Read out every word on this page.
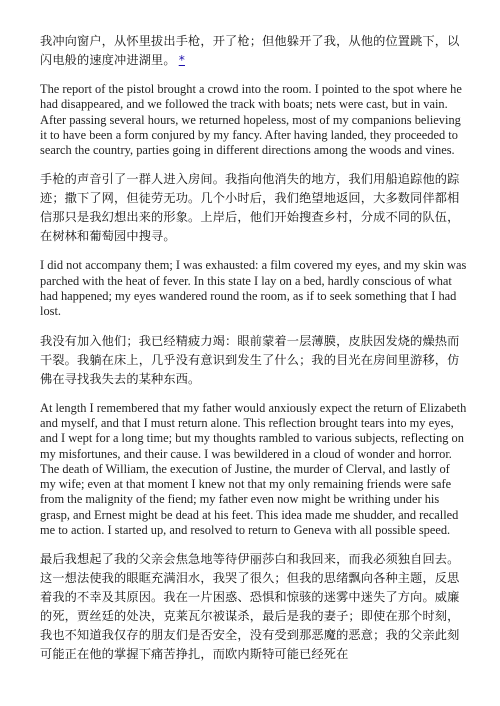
我冲向窗户，从怀里拔出手枪，开了枪；但他躲开了我，从他的位置跳下，以闪电般的速度冲进湖里。 *

The report of the pistol brought a crowd into the room. I pointed to the spot where he had disappeared, and we followed the track with boats; nets were cast, but in vain. After passing several hours, we returned hopeless, most of my companions believing it to have been a form conjured by my fancy. After having landed, they proceeded to search the country, parties going in different directions among the woods and vines.

手枪的声音引了一群人进入房间。我指向他消失的地方，我们用船追踪他的踪迹；撒下了网，但徒劳无功。几个小时后，我们绝望地返回，大多数同伴都相信那只是我幻想出来的形象。上岸后，他们开始搜查乡村，分成不同的队伍，在树林和葡萄园中搜寻。

I did not accompany them; I was exhausted: a film covered my eyes, and my skin was parched with the heat of fever. In this state I lay on a bed, hardly conscious of what had happened; my eyes wandered round the room, as if to seek something that I had lost.

我没有加入他们；我已经精疲力竭：眼前蒙着一层薄膜，皮肤因发烧的燥热而干裂。我躺在床上，几乎没有意识到发生了什么；我的目光在房间里游移，仿佛在寻找我失去的某种东西。

At length I remembered that my father would anxiously expect the return of Elizabeth and myself, and that I must return alone. This reflection brought tears into my eyes, and I wept for a long time; but my thoughts rambled to various subjects, reflecting on my misfortunes, and their cause. I was bewildered in a cloud of wonder and horror. The death of William, the execution of Justine, the murder of Clerval, and lastly of my wife; even at that moment I knew not that my only remaining friends were safe from the malignity of the fiend; my father even now might be writhing under his grasp, and Ernest might be dead at his feet. This idea made me shudder, and recalled me to action. I started up, and resolved to return to Geneva with all possible speed.

最后我想起了我的父亲会焦急地等待伊丽莎白和我回来，而我必须独自回去。这一想法使我的眼眶充满泪水，我哭了很久；但我的思绪飘向各种主题，反思着我的不幸及其原因。我在一片困惑、恐惧和惊骇的迷雾中迷失了方向。威廉的死，贾丝廷的处决，克莱瓦尔被谋杀，最后是我的妻子；即使在那个时刻，我也不知道我仅存的朋友们是否安全，没有受到那恶魔的恶意；我的父亲此刻可能正在他的掌握下痛苦挣扎，而欧内斯特可能已经死在
